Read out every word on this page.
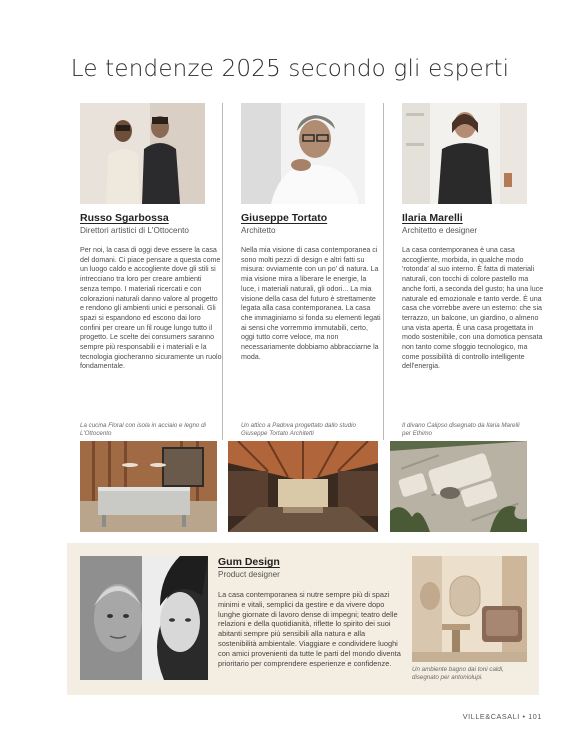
Le tendenze 2025 secondo gli esperti

Russo Sgarbossa

Direttori artistici di L'Ottocento

Per noi, la casa di oggi deve essere la casa del domani. Ci piace pensare a questa come un luogo caldo e accogliente dove gli stili si intrecciano tra loro per creare ambienti senza tempo. I materiali ricercati e con colorazioni naturali danno valore al progetto e rendono gli ambienti unici e personali. Gli spazi si espandono ed escono dai loro confini per creare un fil rouge lungo tutto il progetto. Le scelte dei consumers saranno sempre più responsabili e i materiali e la tecnologia giocheranno sicuramente un ruolo fondamentale.

La cucina Floral con isola in acciaio e legno di L'Ottocento

Giuseppe Tortato

Architetto

Nella mia visione di casa contemporanea ci sono molti pezzi di design e altri fatti su misura: ovviamente con un po' di natura. La mia visione mira a liberare le energie, la luce, i materiali naturali, gli odori... La mia visione della casa del futuro è strettamente legata alla casa contemporanea. La casa che immaginiamo si fonda su elementi legati ai sensi che vorremmo immutabili, certo, oggi tutto corre veloce, ma non necessariamente dobbiamo abbracciarne la moda.

Un attico a Padova progettato dallo studio Giuseppe Tortato Architetti

Ilaria Marelli

Architetto e designer

La casa contemporanea è una casa accogliente, morbida, in qualche modo 'rotonda' al suo interno. È fatta di materiali naturali, con tocchi di colore pastello ma anche forti, a seconda del gusto; ha una luce naturale ed emozionale e tanto verde. È una casa che vorrebbe avere un esterno: che sia terrazzo, un balcone, un giardino, o almeno una vista aperta. È una casa progettata in modo sostenibile, con una domotica pensata non tanto come sfoggio tecnologico, ma come possibilità di controllo intelligente dell'energia.

Il divano Calipso disegnato da Ilaria Marelli per Ethimo

Gum Design

Product designer

La casa contemporanea si nutre sempre più di spazi minimi e vitali, semplici da gestire e da vivere dopo lunghe giornate di lavoro dense di impegni; teatro delle relazioni e della quotidianità, riflette lo spirito dei suoi abitanti sempre più sensibili alla natura e alla sostenibilità ambientale. Viaggiare e condividere luoghi con amici provenienti da tutte le parti del mondo diventa prioritario per comprendere esperienze e confidenze.

Un ambiente bagno dai toni caldi, disegnato per antoniolupi.
VILLE&CASALI • 101
